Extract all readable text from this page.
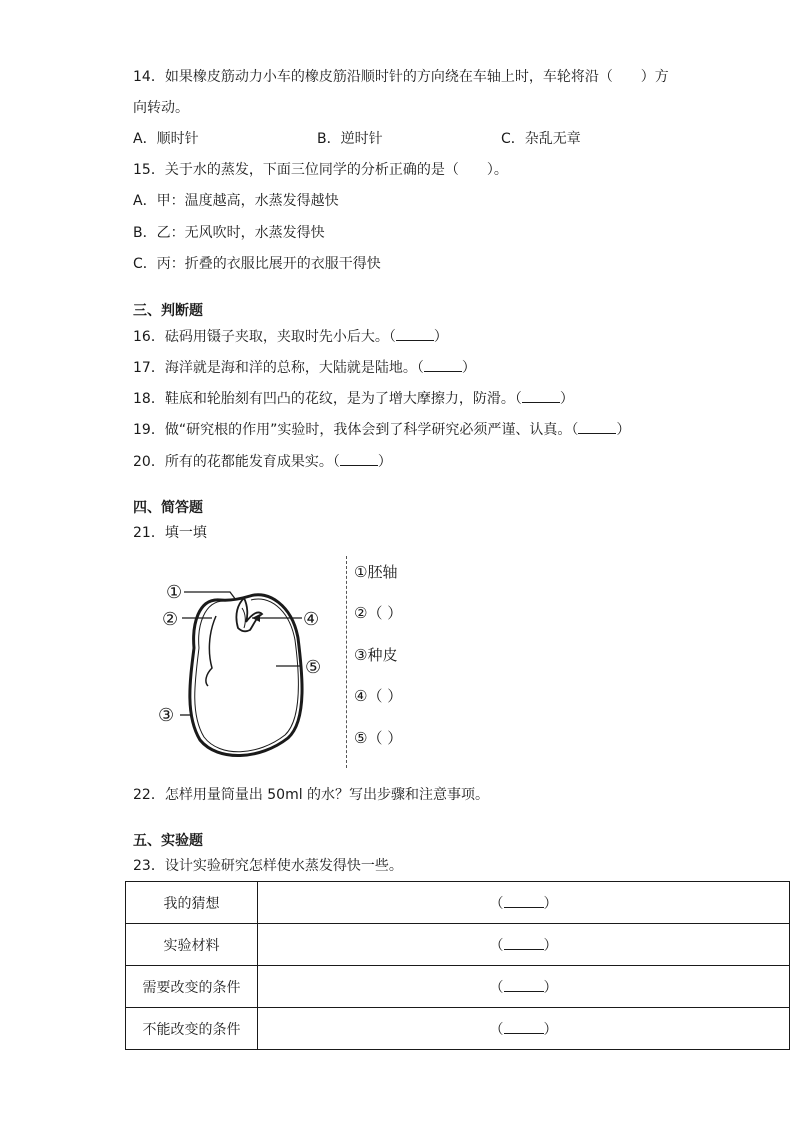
14．如果橡皮筋动力小车的橡皮筋沿顺时针的方向绕在车轴上时，车轮将沿（　　）方
向转动。
A．顺时针	B．逆时针	C．杂乱无章
15．关于水的蒸发，下面三位同学的分析正确的是（　　）。
A．甲：温度越高，水蒸发得越快
B．乙：无风吹时，水蒸发得快
C．丙：折叠的衣服比展开的衣服干得快
三、判断题
16．砝码用镊子夹取，夹取时先小后大。（	）
17．海洋就是海和洋的总称，大陆就是陆地。（	）
18．鞋底和轮胎刻有凹凸的花纹，是为了增大摩擦力，防滑。（	）
19．做“研究根的作用”实验时，我体会到了科学研究必须严谨、认真。（	）
20．所有的花都能发育成果实。（	）
四、简答题
21．填一填
①
②	④
⑤
③
①胚轴
②（ ）
③种皮
④（ ）
⑤（ ）
22．怎样用量筒量出 50ml 的水？写出步骤和注意事项。
五、实验题
23．设计实验研究怎样使水蒸发得快一些。
我的猜想	（ ）
实验材料	（ ）
需要改变的条件	（ ）
不能改变的条件	（ ）
